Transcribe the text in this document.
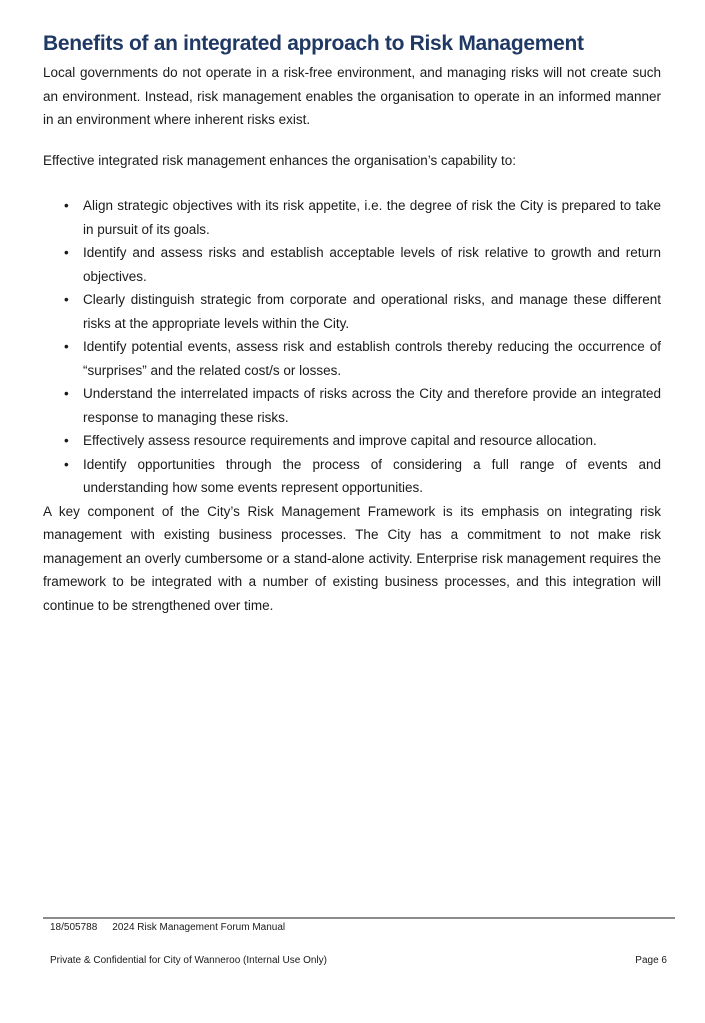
Benefits of an integrated approach to Risk Management

Local governments do not operate in a risk-free environment, and managing risks will not create such an environment. Instead, risk management enables the organisation to operate in an informed manner in an environment where inherent risks exist.

Effective integrated risk management enhances the organisation’s capability to:

• Align strategic objectives with its risk appetite, i.e. the degree of risk the City is prepared to take in pursuit of its goals.
• Identify and assess risks and establish acceptable levels of risk relative to growth and return objectives.
• Clearly distinguish strategic from corporate and operational risks, and manage these different risks at the appropriate levels within the City.
• Identify potential events, assess risk and establish controls thereby reducing the occurrence of “surprises” and the related cost/s or losses.
• Understand the interrelated impacts of risks across the City and therefore provide an integrated response to managing these risks.
• Effectively assess resource requirements and improve capital and resource allocation.
• Identify opportunities through the process of considering a full range of events and understanding how some events represent opportunities.

A key component of the City’s Risk Management Framework is its emphasis on integrating risk management with existing business processes. The City has a commitment to not make risk management an overly cumbersome or a stand-alone activity. Enterprise risk management requires the framework to be integrated with a number of existing business processes, and this integration will continue to be strengthened over time.

18/505788 2024 Risk Management Forum Manual
Private & Confidential for City of Wanneroo (Internal Use Only)	Page 6
